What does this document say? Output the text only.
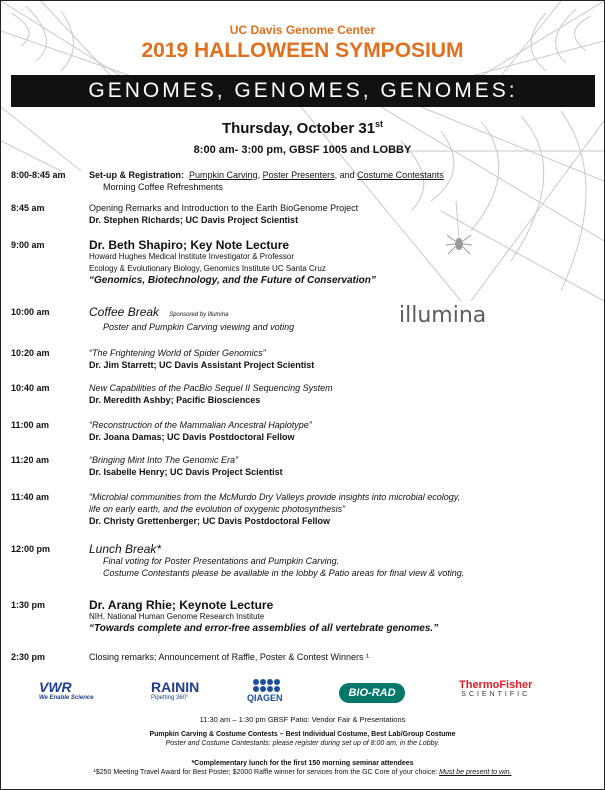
UC Davis Genome Center
2019 HALLOWEEN SYMPOSIUM
GENOMES, GENOMES, GENOMES:
Thursday, October 31st
8:00 am- 3:00 pm, GBSF 1005 and LOBBY
8:00-8:45 am	Set-up & Registration: Pumpkin Carving, Poster Presenters, and Costume Contestants
Morning Coffee Refreshments
8:45 am	Opening Remarks and Introduction to the Earth BioGenome Project
Dr. Stephen Richards; UC Davis Project Scientist
9:00 am	Dr. Beth Shapiro; Key Note Lecture
Howard Hughes Medical Institute Investigator & Professor
Ecology & Evolutionary Biology, Genomics Institute UC Santa Cruz
“Genomics, Biotechnology, and the Future of Conservation”
10:00 am	Coffee Break Sponsored by Illumina
Poster and Pumpkin Carving viewing and voting	illumina
10:20 am	“The Frightening World of Spider Genomics”
Dr. Jim Starrett; UC Davis Assistant Project Scientist
10:40 am	New Capabilities of the PacBio Sequel II Sequencing System
Dr. Meredith Ashby; Pacific Biosciences
11:00 am	“Reconstruction of the Mammalian Ancestral Haplotype”
Dr. Joana Damas; UC Davis Postdoctoral Fellow
11:20 am	“Bringing Mint Into The Genomic Era”
Dr. Isabelle Henry; UC Davis Project Scientist
11:40 am	“Microbial communities from the McMurdo Dry Valleys provide insights into microbial ecology,
life on early earth, and the evolution of oxygenic photosynthesis”
Dr. Christy Grettenberger; UC Davis Postdoctoral Fellow
12:00 pm	Lunch Break*
Final voting for Poster Presentations and Pumpkin Carving.
Costume Contestants please be available in the lobby & Patio areas for final view & voting.
1:30 pm	Dr. Arang Rhie; Keynote Lecture
NIH, National Human Genome Research Institute
“Towards complete and error-free assemblies of all vertebrate genomes.”
2:30 pm	Closing remarks; Announcement of Raffle, Poster & Contest Winners ¹
VWR
We Enable Science
RAININ
Pipetting 360°	QIAGEN	BIO-RAD
ThermoFisher
SCIENTIFIC
11:30 am – 1:30 pm GBSF Patio: Vendor Fair & Presentations
Pumpkin Carving & Costume Contests – Best Individual Costume, Best Lab/Group Costume
Poster and Costume Contestants: please register during set up of 8:00 am, in the Lobby.
*Complementary lunch for the first 150 morning seminar attendees
¹$250 Meeting Travel Award for Best Poster; $2000 Raffle winner for services from the GC Core of your choice: Must be present to win.
